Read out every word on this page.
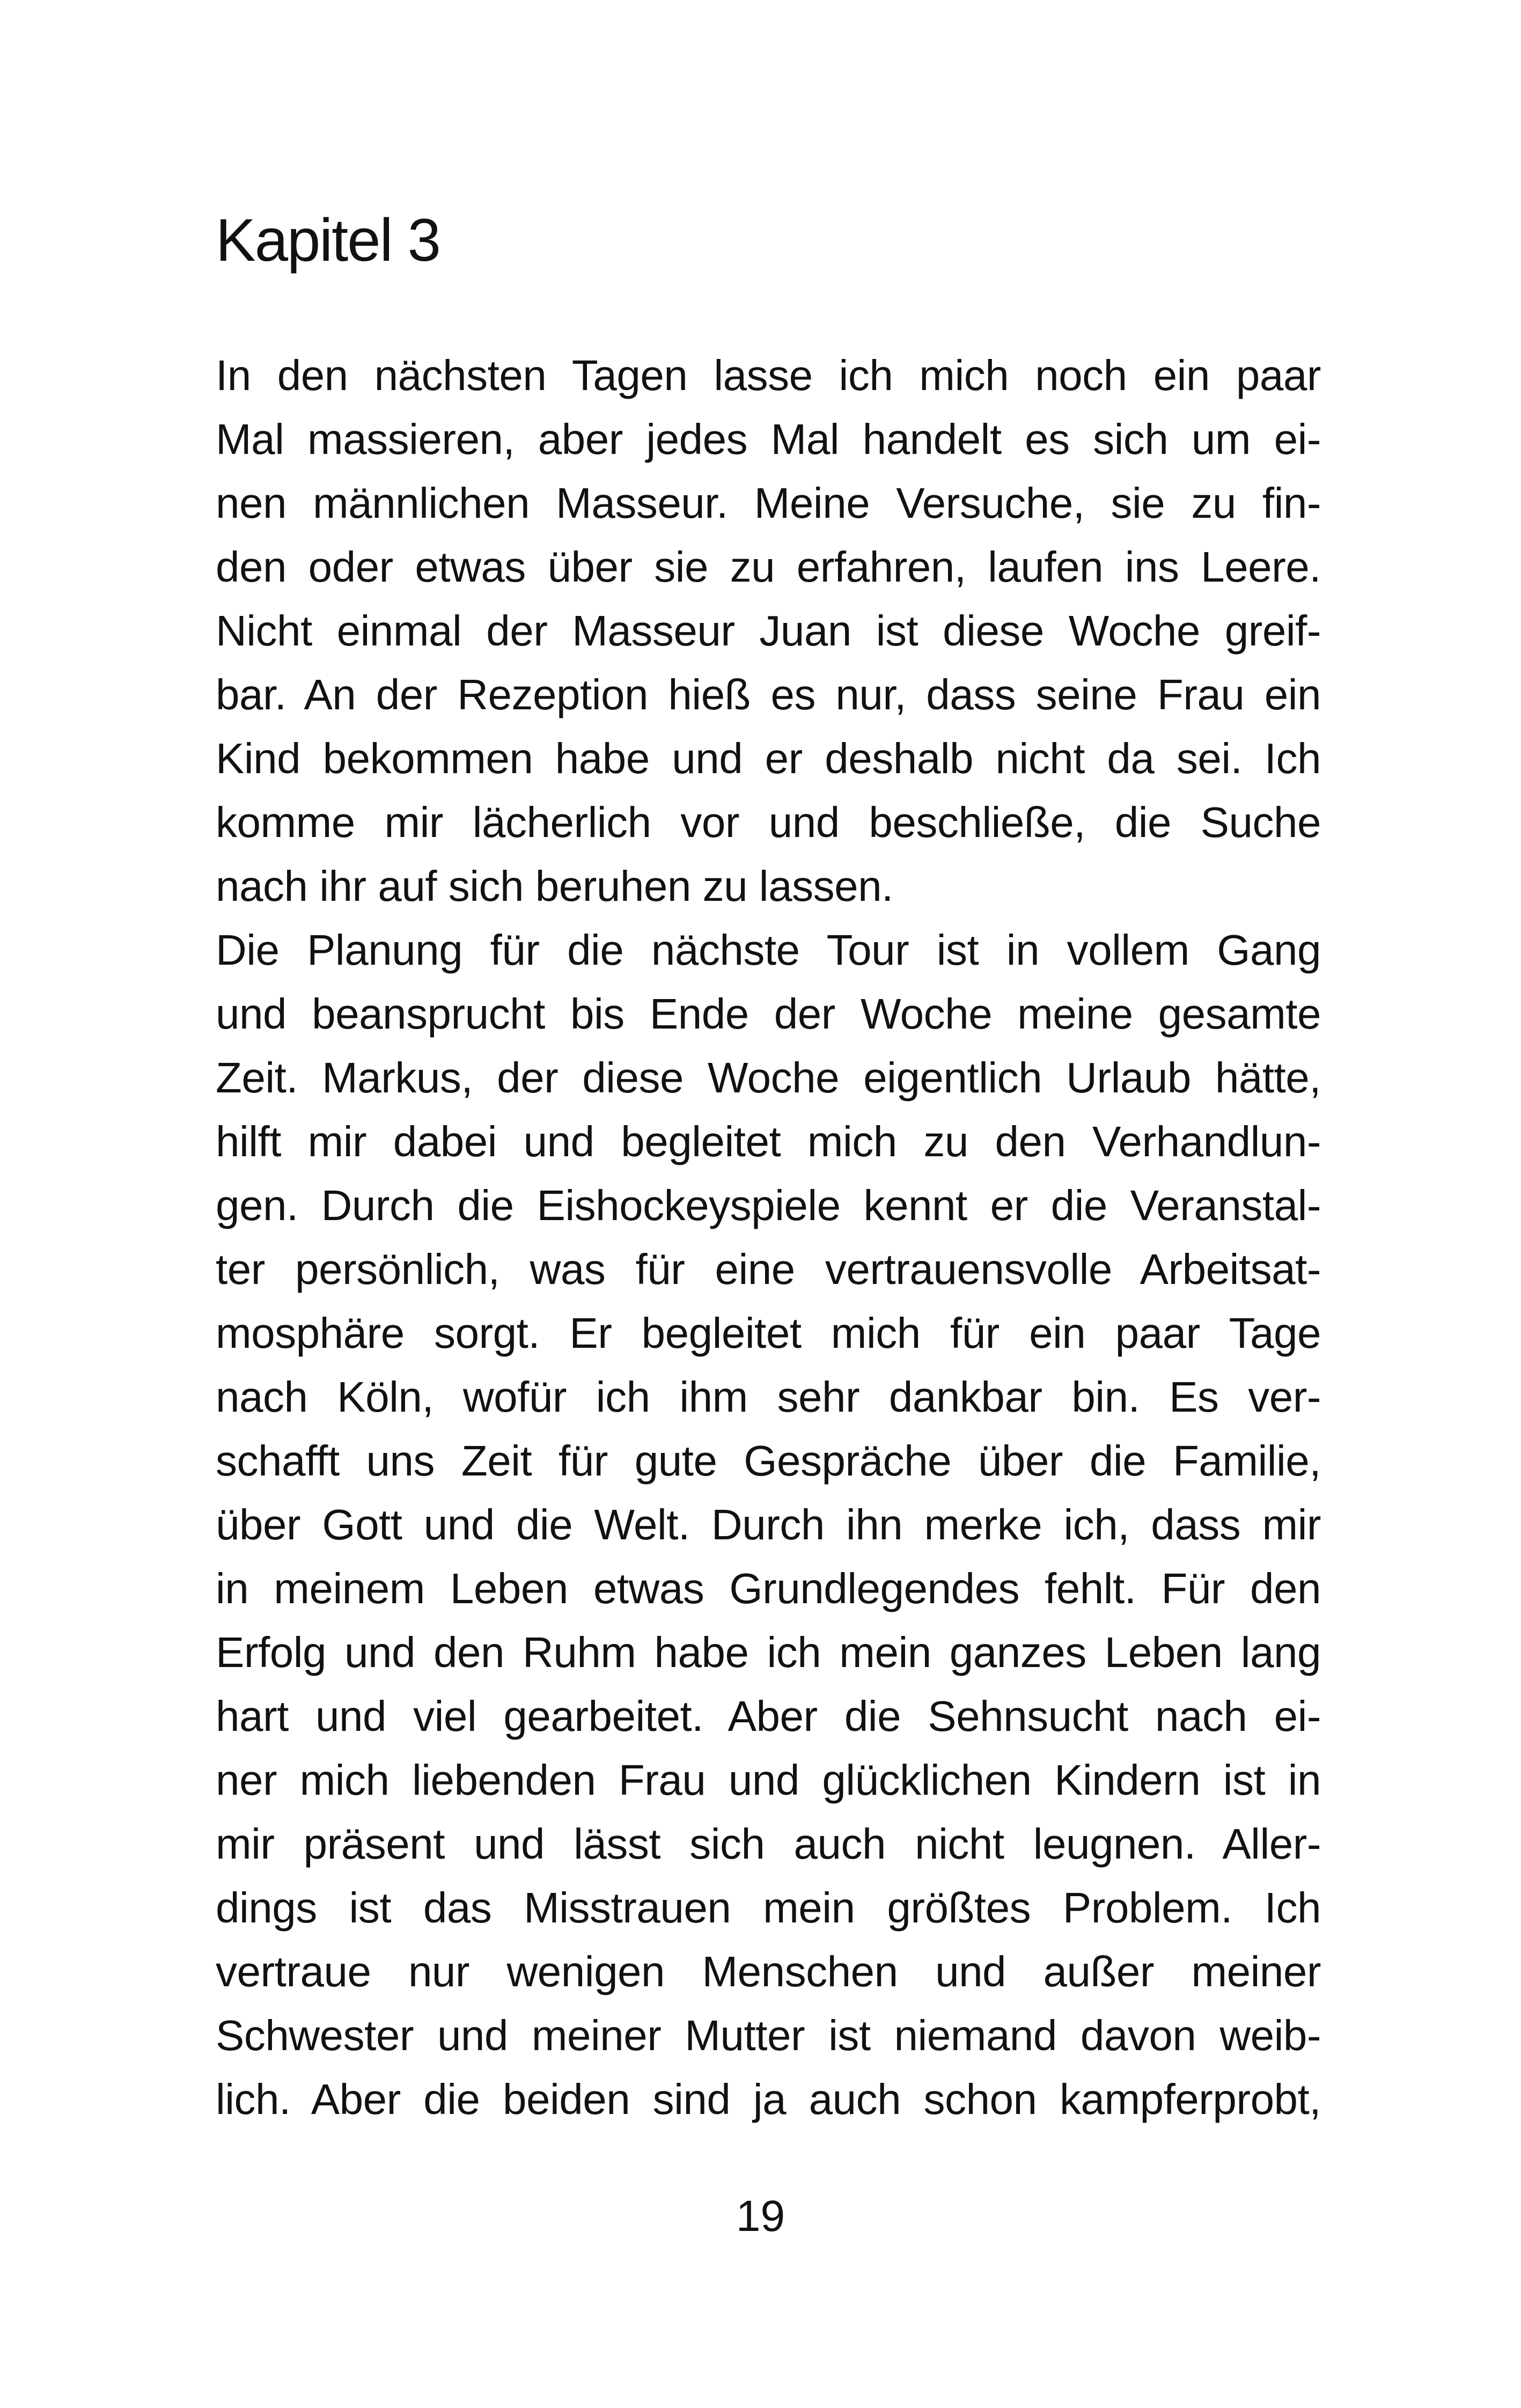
Kapitel 3
In den nächsten Tagen lasse ich mich noch ein paar
Mal massieren, aber jedes Mal handelt es sich um ei-
nen männlichen Masseur. Meine Versuche, sie zu fin-
den oder etwas über sie zu erfahren, laufen ins Leere.
Nicht einmal der Masseur Juan ist diese Woche greif-
bar. An der Rezeption hieß es nur, dass seine Frau ein
Kind bekommen habe und er deshalb nicht da sei. Ich
komme mir lächerlich vor und beschließe, die Suche
nach ihr auf sich beruhen zu lassen.
Die Planung für die nächste Tour ist in vollem Gang
und beansprucht bis Ende der Woche meine gesamte
Zeit. Markus, der diese Woche eigentlich Urlaub hätte,
hilft mir dabei und begleitet mich zu den Verhandlun-
gen. Durch die Eishockeyspiele kennt er die Veranstal-
ter persönlich, was für eine vertrauensvolle Arbeitsat-
mosphäre sorgt. Er begleitet mich für ein paar Tage
nach Köln, wofür ich ihm sehr dankbar bin. Es ver-
schafft uns Zeit für gute Gespräche über die Familie,
über Gott und die Welt. Durch ihn merke ich, dass mir
in meinem Leben etwas Grundlegendes fehlt. Für den
Erfolg und den Ruhm habe ich mein ganzes Leben lang
hart und viel gearbeitet. Aber die Sehnsucht nach ei-
ner mich liebenden Frau und glücklichen Kindern ist in
mir präsent und lässt sich auch nicht leugnen. Aller-
dings ist das Misstrauen mein größtes Problem. Ich
vertraue nur wenigen Menschen und außer meiner
Schwester und meiner Mutter ist niemand davon weib-
lich. Aber die beiden sind ja auch schon kampferprobt,
19
